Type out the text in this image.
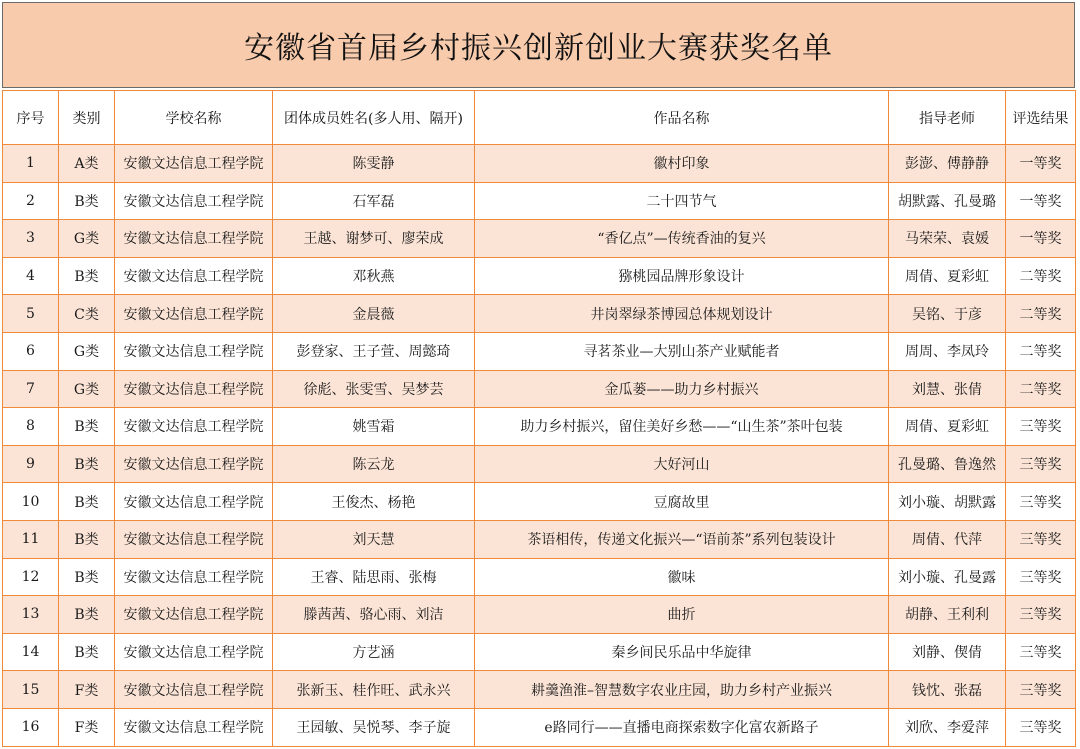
安徽省首届乡村振兴创新创业大赛获奖名单
序号	类别	学校名称	团体成员姓名(多人用、隔开)	作品名称	指导老师	评选结果
1	A类	安徽文达信息工程学院	陈雯静	徽村印象	彭澎、傅静静	一等奖
2	B类	安徽文达信息工程学院	石军磊	二十四节气	胡默露、孔曼璐	一等奖
3	G类	安徽文达信息工程学院	王越、谢梦可、廖荣成	“香亿点”—传统香油的复兴	马荣荣、袁媛	一等奖
4	B类	安徽文达信息工程学院	邓秋燕	猕桃园品牌形象设计	周倩、夏彩虹	二等奖
5	C类	安徽文达信息工程学院	金晨薇	井岗翠绿茶博园总体规划设计	吴铭、于彦	二等奖
6	G类	安徽文达信息工程学院	彭登家、王子萱、周懿琦	寻茗茶业—大别山茶产业赋能者	周周、李凤玲	二等奖
7	G类	安徽文达信息工程学院	徐彪、张雯雪、吴梦芸	金瓜蒌——助力乡村振兴	刘慧、张倩	二等奖
8	B类	安徽文达信息工程学院	姚雪霜	助力乡村振兴，留住美好乡愁——“山生茶”茶叶包装	周倩、夏彩虹	三等奖
9	B类	安徽文达信息工程学院	陈云龙	大好河山	孔曼璐、鲁逸然	三等奖
10	B类	安徽文达信息工程学院	王俊杰、杨艳	豆腐故里	刘小璇、胡默露	三等奖
11	B类	安徽文达信息工程学院	刘天慧	茶语相传，传递文化振兴—“语前茶”系列包装设计	周倩、代萍	三等奖
12	B类	安徽文达信息工程学院	王睿、陆思雨、张梅	徽味	刘小璇、孔曼露	三等奖
13	B类	安徽文达信息工程学院	滕茜茜、骆心雨、刘洁	曲折	胡静、王利利	三等奖
14	B类	安徽文达信息工程学院	方艺涵	秦乡间民乐品中华旋律	刘静、偰倩	三等奖
15	F类	安徽文达信息工程学院	张新玉、桂作旺、武永兴	耕羹渔淮–智慧数字农业庄园，助力乡村产业振兴	钱忱、张磊	三等奖
16	F类	安徽文达信息工程学院	王园敏、吴悦琴、李子旋	e路同行——直播电商探索数字化富农新路子	刘欣、李爱萍	三等奖
